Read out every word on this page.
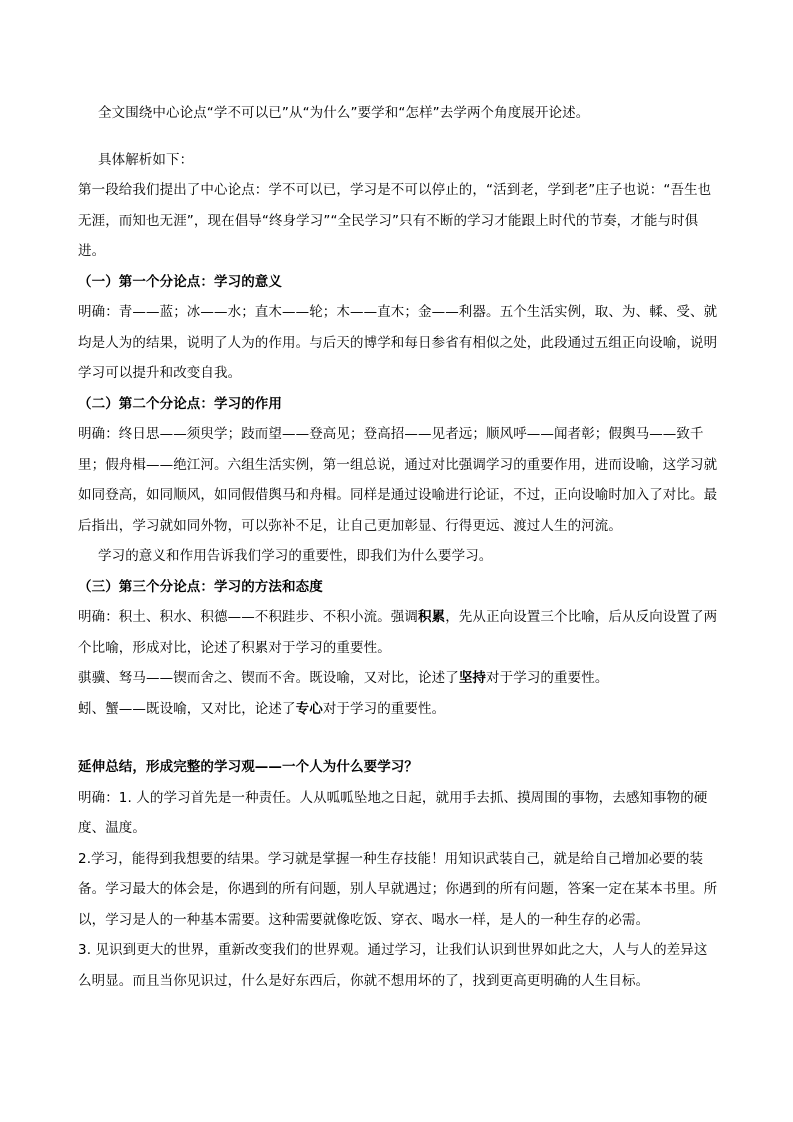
全文围绕中心论点“学不可以已”从“为什么”要学和“怎样”去学两个角度展开论述。

具体解析如下：

第一段给我们提出了中心论点：学不可以已，学习是不可以停止的，“活到老，学到老”庄子也说：“吾生也无涯，而知也无涯”，现在倡导“终身学习”“全民学习”只有不断的学习才能跟上时代的节奏，才能与时俱进。

（一）第一个分论点：学习的意义

明确：青——蓝；冰——水；直木——轮；木——直木；金——利器。五个生活实例，取、为、輮、受、就均是人为的结果，说明了人为的作用。与后天的博学和每日参省有相似之处，此段通过五组正向设喻，说明学习可以提升和改变自我。

（二）第二个分论点：学习的作用

明确：终日思——须臾学；跂而望——登高见；登高招——见者远；顺风呼——闻者彰；假舆马——致千里；假舟楫——绝江河。六组生活实例，第一组总说，通过对比强调学习的重要作用，进而设喻，这学习就如同登高，如同顺风，如同假借舆马和舟楫。同样是通过设喻进行论证，不过，正向设喻时加入了对比。最后指出，学习就如同外物，可以弥补不足，让自己更加彰显、行得更远、渡过人生的河流。

学习的意义和作用告诉我们学习的重要性，即我们为什么要学习。

（三）第三个分论点：学习的方法和态度

明确：积土、积水、积德——不积跬步、不积小流。强调积累，先从正向设置三个比喻，后从反向设置了两个比喻，形成对比，论述了积累对于学习的重要性。

骐骥、驽马——锲而舍之、锲而不舍。既设喻，又对比，论述了坚持对于学习的重要性。

蚓、蟹——既设喻，又对比，论述了专心对于学习的重要性。

延伸总结，形成完整的学习观——一个人为什么要学习？

明确：1. 人的学习首先是一种责任。人从呱呱坠地之日起，就用手去抓、摸周围的事物，去感知事物的硬度、温度。

2.学习，能得到我想要的结果。学习就是掌握一种生存技能！用知识武装自己，就是给自己增加必要的装备。学习最大的体会是，你遇到的所有问题，别人早就遇过；你遇到的所有问题，答案一定在某本书里。所以，学习是人的一种基本需要。这种需要就像吃饭、穿衣、喝水一样，是人的一种生存的必需。

3. 见识到更大的世界，重新改变我们的世界观。通过学习，让我们认识到世界如此之大，人与人的差异这么明显。而且当你见识过，什么是好东西后，你就不想用坏的了，找到更高更明确的人生目标。
